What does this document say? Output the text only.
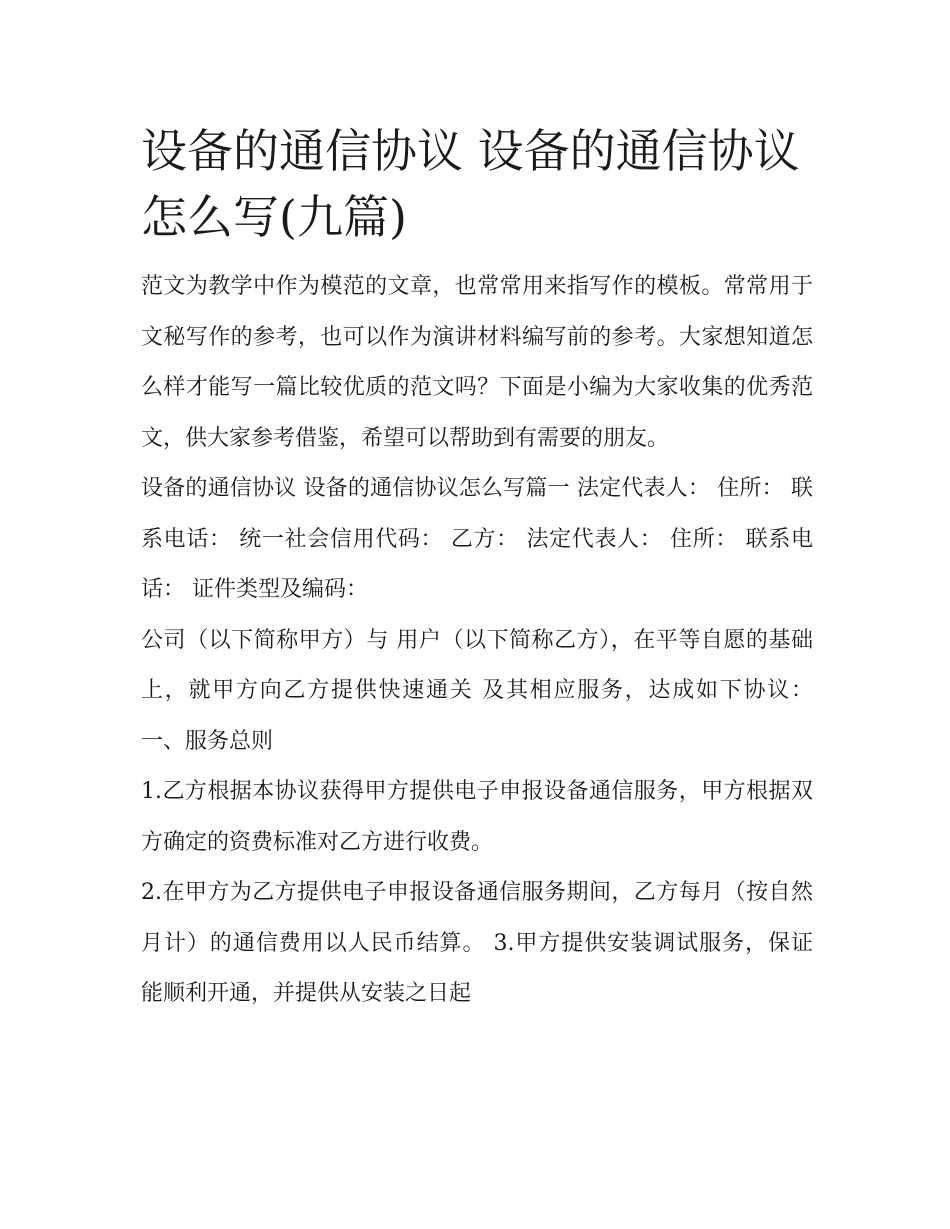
设备的通信协议 设备的通信协议怎么写(九篇)

范文为教学中作为模范的文章，也常常用来指写作的模板。常常用于文秘写作的参考，也可以作为演讲材料编写前的参考。大家想知道怎么样才能写一篇比较优质的范文吗？下面是小编为大家收集的优秀范文，供大家参考借鉴，希望可以帮助到有需要的朋友。

设备的通信协议 设备的通信协议怎么写篇一 法定代表人： 住所： 联系电话： 统一社会信用代码： 乙方： 法定代表人： 住所： 联系电话： 证件类型及编码：

公司（以下简称甲方）与 用户（以下简称乙方），在平等自愿的基础上，就甲方向乙方提供快速通关 及其相应服务，达成如下协议： 一、服务总则

1.乙方根据本协议获得甲方提供电子申报设备通信服务，甲方根据双方确定的资费标准对乙方进行收费。

2.在甲方为乙方提供电子申报设备通信服务期间，乙方每月（按自然月计）的通信费用以人民币结算。 3.甲方提供安装调试服务，保证 能顺利开通，并提供从安装之日起
